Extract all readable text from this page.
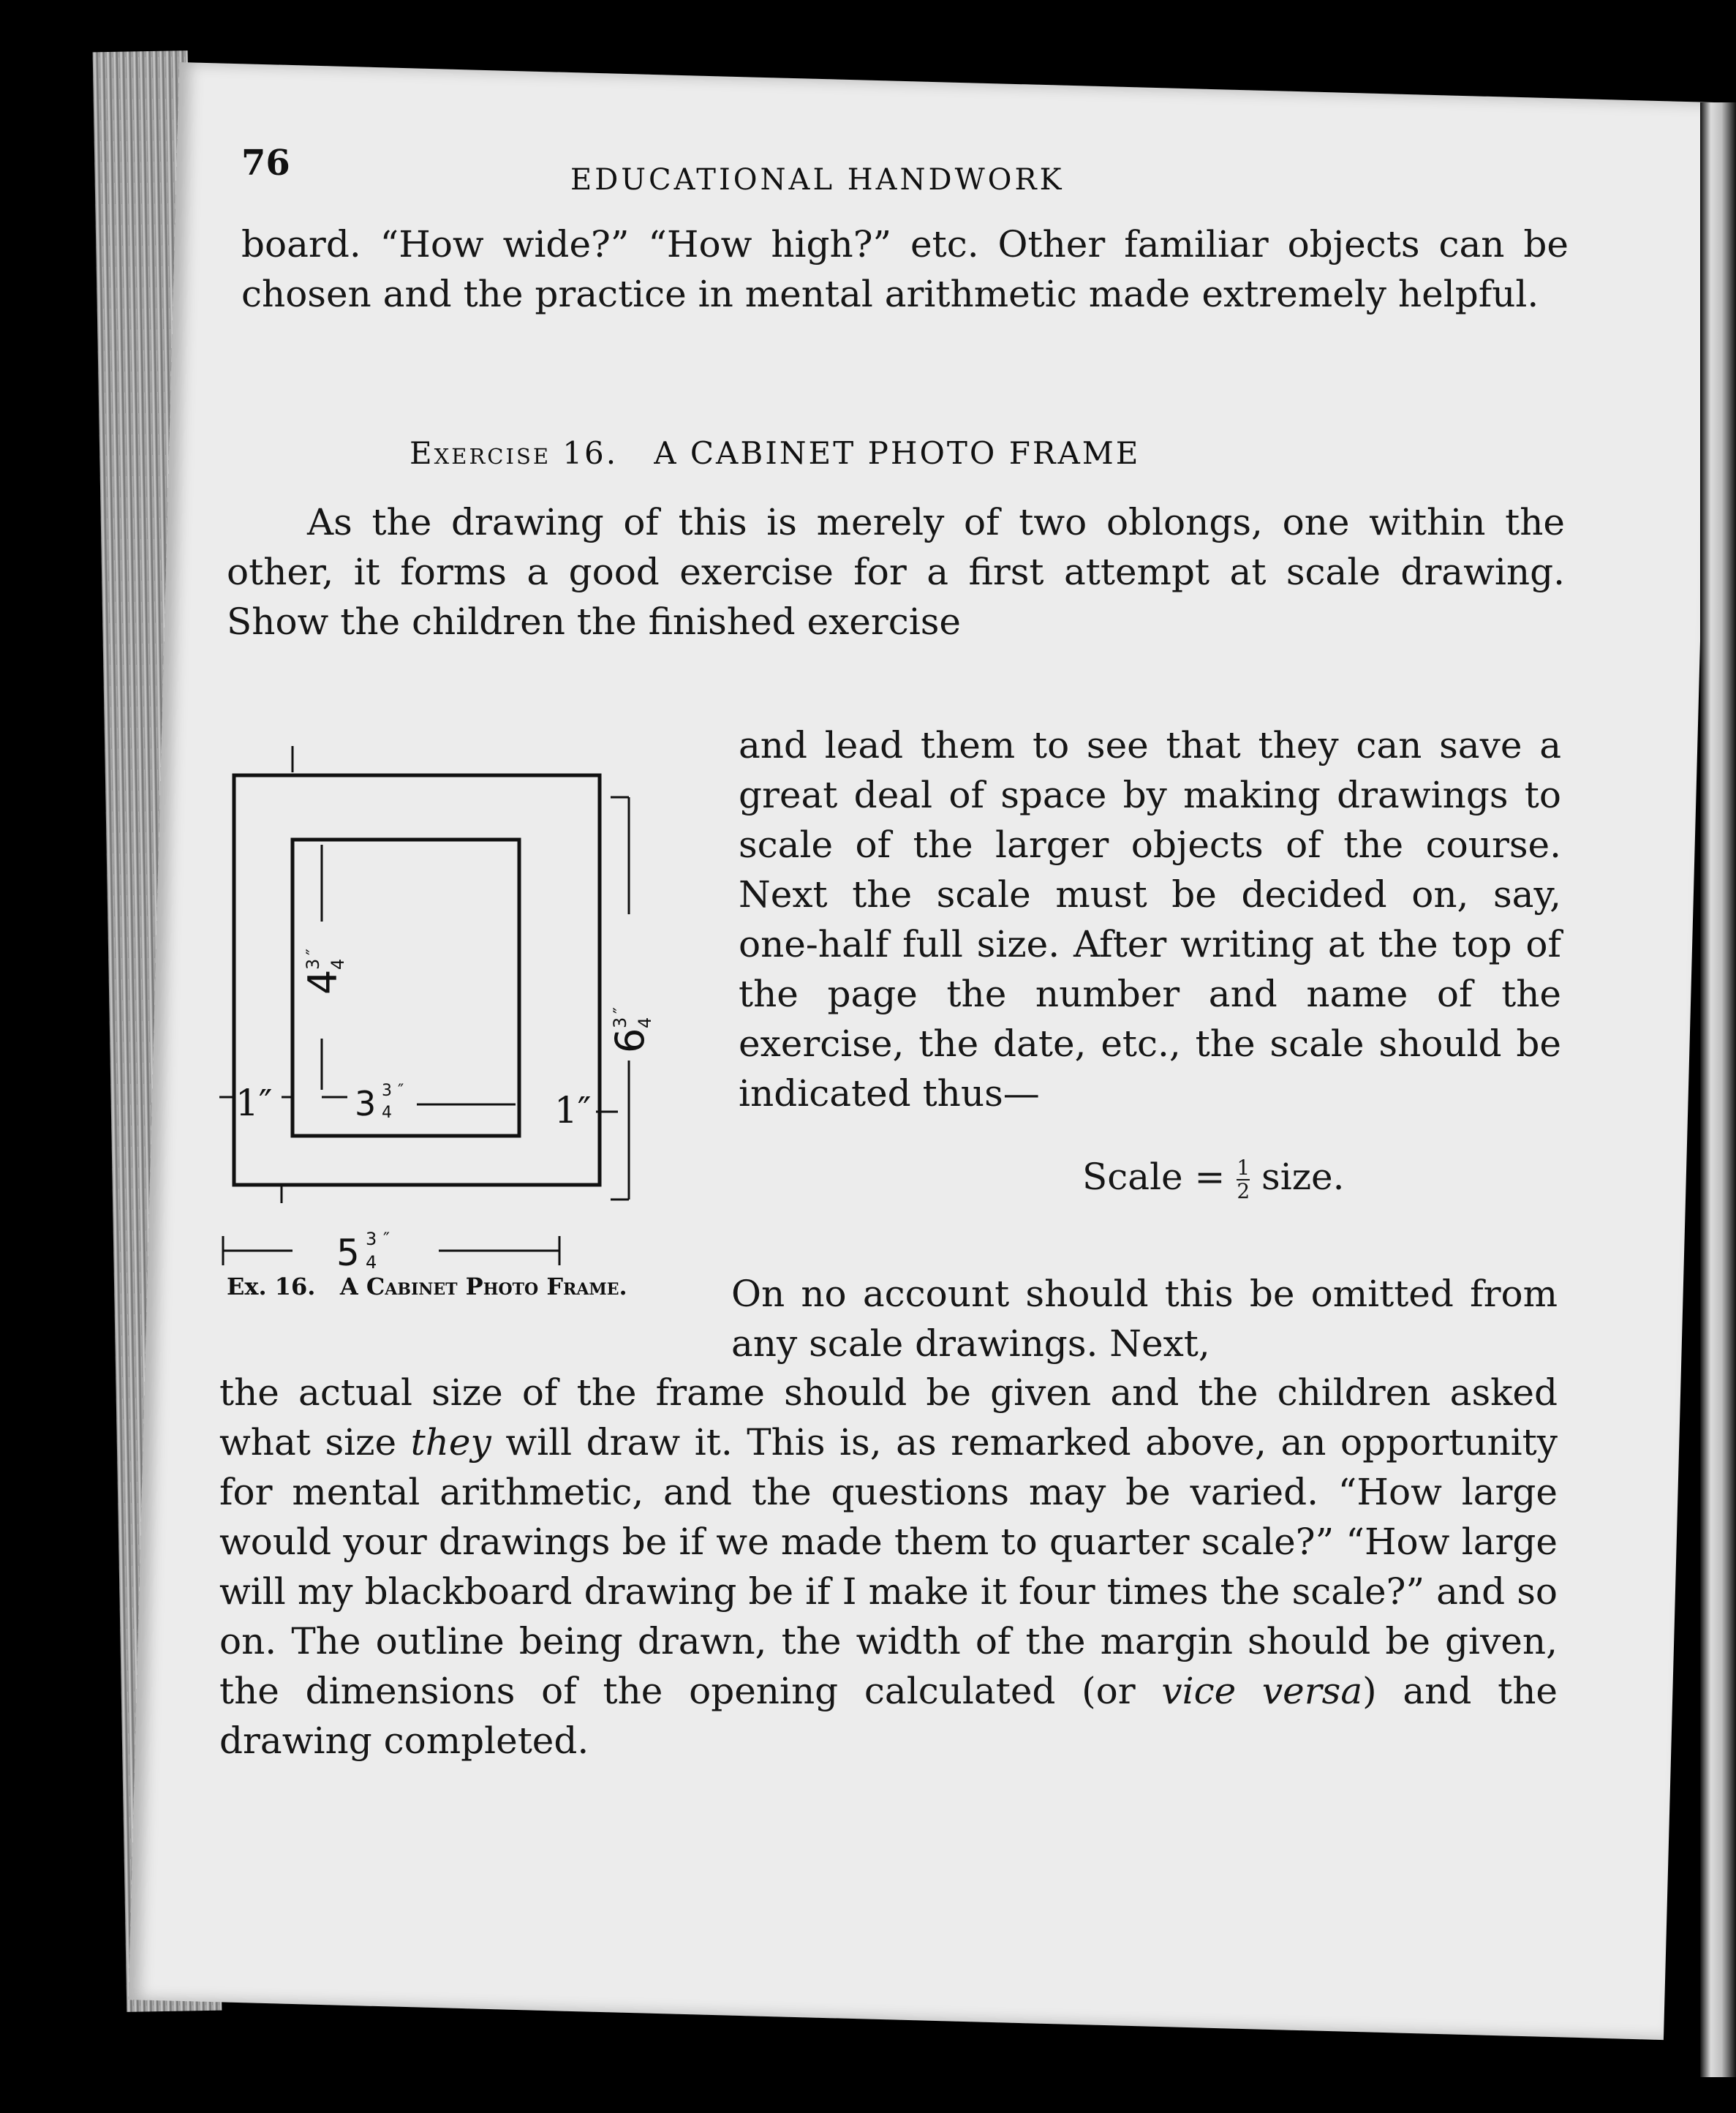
76	EDUCATIONAL HANDWORK

board. “How wide?” “How high?” etc. Other familiar objects can be chosen and the practice in mental arithmetic made extremely helpful.

Exercise 16. A CABINET PHOTO FRAME

As the drawing of this is merely of two oblongs, one within the other, it forms a good exercise for a first attempt at scale drawing. Show the children the finished exercise

4
3 4
″
6
3 4
″
1″	1″
3 3
4
″
5 3
4
″

and lead them to see that they can save a great deal of space by making drawings to scale of the larger objects of the course. Next the scale must be decided on, say, one-half full size. After writing at the top of the page the number and name of the exercise, the date, etc., the scale should be indicated thus—

Scale = $\frac{1}{2}$ size.
Ex. 16. A Cabinet Photo Frame.	On no account should this be omitted from any scale drawings. Next,

the actual size of the frame should be given and the children asked what size they will draw it. This is, as remarked above, an opportunity for mental arithmetic, and the questions may be varied. “How large would your drawings be if we made them to quarter scale?” “How large will my blackboard drawing be if I make it four times the scale?” and so on. The outline being drawn, the width of the margin should be given, the dimensions of the opening calculated (or vice versa) and the drawing completed.
